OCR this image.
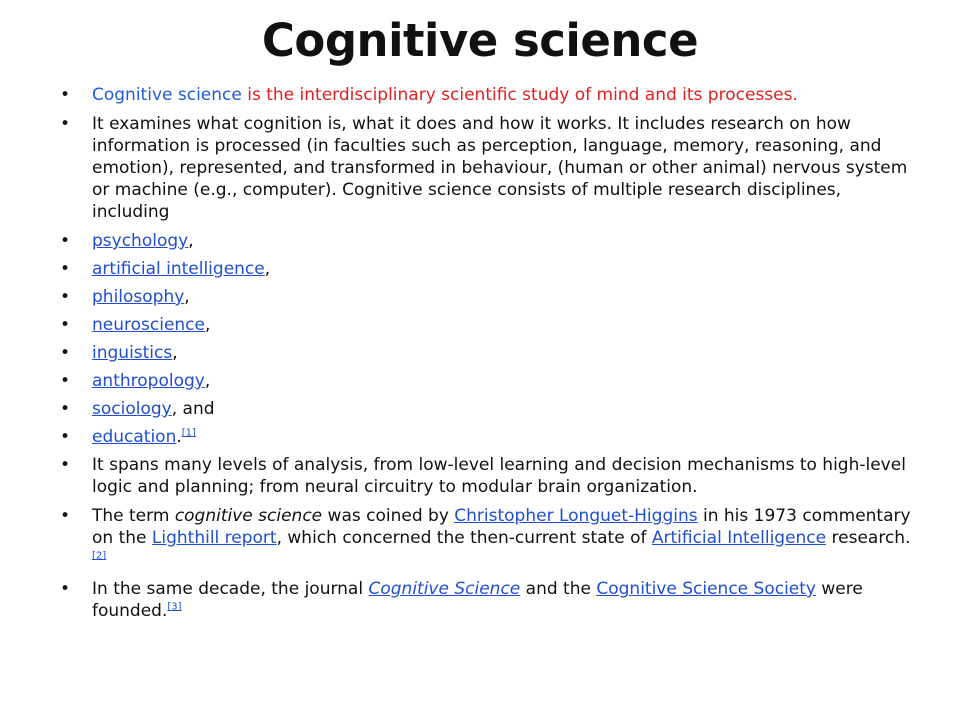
Cognitive science
• Cognitive science is the interdisciplinary scientific study of mind and its processes.
• It examines what cognition is, what it does and how it works. It includes research on how information is processed (in faculties such as perception, language, memory, reasoning, and emotion), represented, and transformed in behaviour, (human or other animal) nervous system or machine (e.g., computer). Cognitive science consists of multiple research disciplines, including
• psychology,
• artificial intelligence,
• philosophy,
• neuroscience,
• inguistics,
• anthropology,
• sociology, and
• education.[1]
• It spans many levels of analysis, from low-level learning and decision mechanisms to high-level logic and planning; from neural circuitry to modular brain organization.
• The term cognitive science was coined by Christopher Longuet-Higgins in his 1973 commentary on the Lighthill report, which concerned the then-current state of Artificial Intelligence research.[2]
• In the same decade, the journal Cognitive Science and the Cognitive Science Society were founded.[3]
